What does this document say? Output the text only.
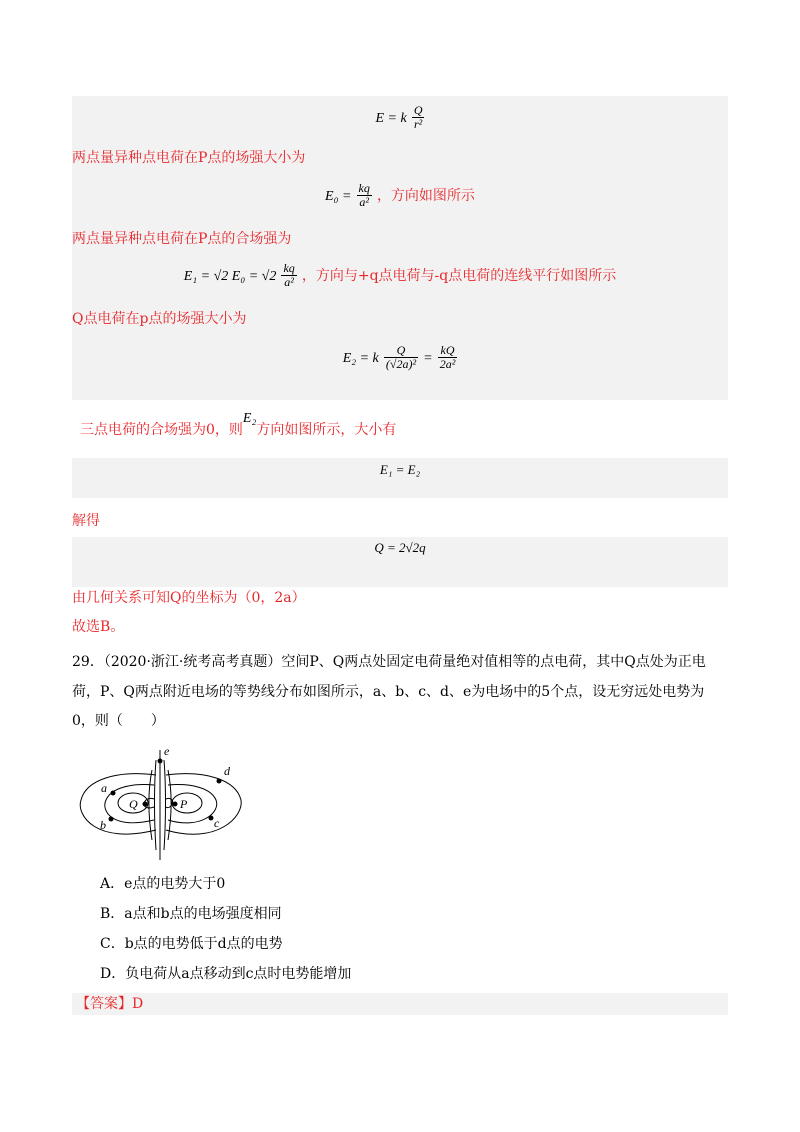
E = k $\frac{Q}{\text{r²}}$
两点量异种点电荷在P点的场强大小为
$E_0 = \frac{kq}{\text{a²}}$ ，方向如图所示
两点量异种点电荷在P点的合场强为
E₁ = √2 $E_0 = √2 \frac{kq}{\text{a²}}$ ，方向与+q点电荷与-q点电荷的连线平行如图所示
Q点电荷在p点的场强大小为
E₂ = k $\frac{Q}{\text{(√2a)²}} = \frac{kQ}{\text{2a²}}$
三点电荷的合场强为0，则E₂方向如图所示，大小有
E₁ = E₂
解得
Q = 2√2q
由几何关系可知Q的坐标为（0，2a）
故选B。
29．（2020·浙江·统考高考真题）空间P、Q两点处固定电荷量绝对值相等的点电荷，其中Q点处为正电
荷，P、Q两点附近电场的等势线分布如图所示，a、b、c、d、e为电场中的5个点，设无穷远处电势为
0，则（　　）
e
d
a
Q	P
b	c
A．e点的电势大于0
B．a点和b点的电场强度相同
C．b点的电势低于d点的电势
D．负电荷从a点移动到c点时电势能增加
【答案】D
